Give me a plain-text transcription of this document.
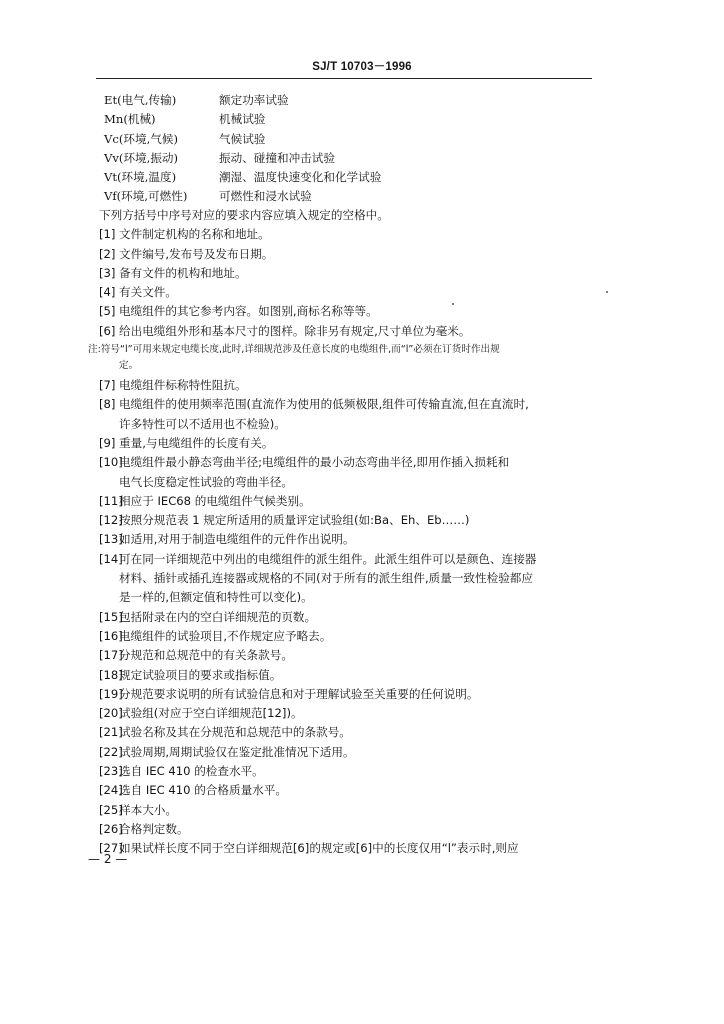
SJ/T 10703－1996
Et(电气,传输)	额定功率试验
Mn(机械)	机械试验
Vc(环境,气候)	气候试验
Vv(环境,振动)	振动、碰撞和冲击试验
Vt(环境,温度)	潮湿、温度快速变化和化学试验
Vf(环境,可燃性)	可燃性和浸水试验
下列方括号中序号对应的要求内容应填入规定的空格中。
[1] 文件制定机构的名称和地址。
[2] 文件编号,发布号及发布日期。
[3] 备有文件的机构和地址。
[4] 有关文件。
[5] 电缆组件的其它参考内容。如图别,商标名称等等。
[6] 给出电缆组外形和基本尺寸的图样。除非另有规定,尺寸单位为毫米。
注:符号“l”可用来规定电缆长度,此时,详细规范涉及任意长度的电缆组件,而“l”必须在订货时作出规
定。
[7] 电缆组件标称特性阻抗。
[8] 电缆组件的使用频率范围(直流作为使用的低频极限,组件可传输直流,但在直流时,
许多特性可以不适用也不检验)。
[9] 重量,与电缆组件的长度有关。
[10]
电缆组件最小静态弯曲半径;电缆组件的最小动态弯曲半径,即用作插入损耗和
电气长度稳定性试验的弯曲半径。
[11]
相应于 IEC68 的电缆组件气候类别。
[12]
按照分规范表 1 规定所适用的质量评定试验组(如:Ba、Eh、Eb……)
[13]
如适用,对用于制造电缆组件的元件作出说明。
[14]
可在同一详细规范中列出的电缆组件的派生组件。此派生组件可以是颜色、连接器
材料、插针或插孔连接器或规格的不同(对于所有的派生组件,质量一致性检验都应
是一样的,但额定值和特性可以变化)。
[15]
包括附录在内的空白详细规范的页数。
[16]
电缆组件的试验项目,不作规定应予略去。
[17]
分规范和总规范中的有关条款号。
[18]
规定试验项目的要求或指标值。
[19]
分规范要求说明的所有试验信息和对于理解试验至关重要的任何说明。
[20]
试验组(对应于空白详细规范[12])。
[21]
试验名称及其在分规范和总规范中的条款号。
[22]
试验周期,周期试验仅在鉴定批准情况下适用。
[23]
选自 IEC 410 的检查水平。
[24]
选自 IEC 410 的合格质量水平。
[25]
样本大小。
[26]
合格判定数。
[27]
如果试样长度不同于空白详细规范[6]的规定或[6]中的长度仅用“l”表示时,则应
— 2 —
